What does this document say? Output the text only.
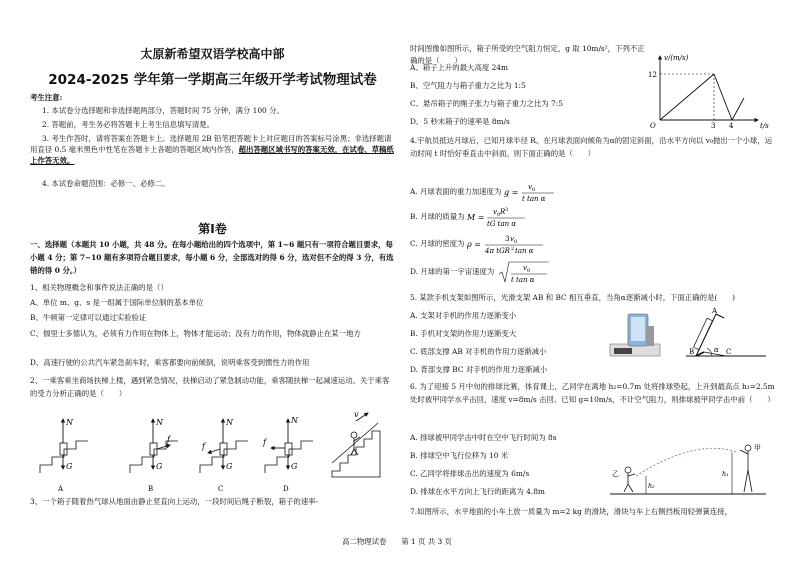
太原新希望双语学校高中部
2024-2025 学年第一学期高三年级开学考试物理试卷
考生注意:
1. 本试卷分选择题和非选择题两部分，答题时间 75 分钟，满分 100 分。
2. 答题前，考生务必将答题卡上考生信息填写清楚。
3. 考生作答时，请将答案在答题卡上。选择题用 2B 铅笔把答题卡上对应题目的答案标号涂黑；非选择题请用直径 0.5 毫米黑色中性笔在答题卡上各题的答题区域内作答，超出答题区域书写的答案无效，在试卷、草稿纸上作答无效。
4. 本试卷命题范围：必修一、必修二。
第Ⅰ卷
一、选择题（本题共 10 小题，共 48 分。在每小题给出的四个选项中，第 1~6 题只有一项符合题目要求，每小题 4 分；第 7~10 题有多项符合题目要求，每小题 6 分，全部选对的得 6 分，选对但不全的得 3 分，有选错的得 0 分。）
1、相关物理概念和事件说法正确的是（）
A、单位 m、g、s 是一组属于国际单位制的基本单位
B、牛顿第一定律可以通过实验验证
C、伽里士多德认为，必须有力作用在物体上，物体才能运动；没有力的作用，物体就静止在某一地方
D、高速行驶的公共汽车紧急刹车时，乘客都要向前倾倒，说明乘客受到惯性力的作用
2、一乘客乘坐商场扶梯上楼，遇到紧急情况，扶梯启动了紧急制动功能，乘客随扶梯一起减速运动。关于乘客的受力分析正确的是（　　）
N
G
A
N
f
G
B
N
f
G
C
N
f
G
D
v
3、一个箱子随着热气球从地面由静止竖直向上运动，一段时间后绳子断裂，箱子的速率-
时间图像如图所示，箱子所受的空气阻力恒定，g 取 10m/s²，下列不正确的是（　　）
A、箱子上升的最大高度 24m
B、空气阻力与箱子重力之比为 1:5
C、悬吊箱子的绳子张力与箱子重力之比为 7:5
D、5 秒末箱子的速率是 8m/s
v/(m/s)
t/s
12
3 4
O
4.宇航员抵达月球后，已知月球半径 R。在月球表面向倾角为α的固定斜面，沿水平方向以 v₀抛出一个小球，运动时间 t 时恰好垂直击中斜面。则下面正确的是（　　）
A. 月球表面的重力加速度为 g =
v 0
t tan α
B. 月球的质量为 M =
v 0 R 3
tG tan α
C. 月球的密度为 ρ =
3 v 0
4π tGR 2 tan α
D. 月球的第一宇宙速度为	v 0
t tan α
5. 某款手机支架如图所示，光滑支架 AB 和 BC 相互垂直，当角α逐渐减小时，下面正确的是(　　)
A. 支架对手机的作用力逐渐变小
B. 手机对支架的作用力逐渐变大
C. 底部支撑 AB 对手机的作用力逐渐减小
D. 背部支撑 BC 对手机的作用力逐渐减小
A
B	C
α
6. 为了迎接 5 月中旬的排球比赛，体育课上，乙同学在离地 h₂=0.7m 处将排球垫起，上升到最高点 h₁=2.5m 处时被甲同学水平击回，速度 v=8m/s 击回。已知 g=10m/s，不计空气阻力，则排球被甲同学击中前（　　）
A. 排球被甲同学击中时在空中飞行时间为 8s
B. 排球空中飞行位移为 10 米
C. 乙同学将排球击出的速度为 6m/s
D. 排球在水平方向上飞行的距离为 4.8m
乙
甲
h₁
h₂
7.如图所示，水平地面的小车上放一质量为 m=2 kg 的滑块，滑块与车上右侧挡板用轻弹簧连接，
高二物理试卷　　第 1 页 共 3 页
